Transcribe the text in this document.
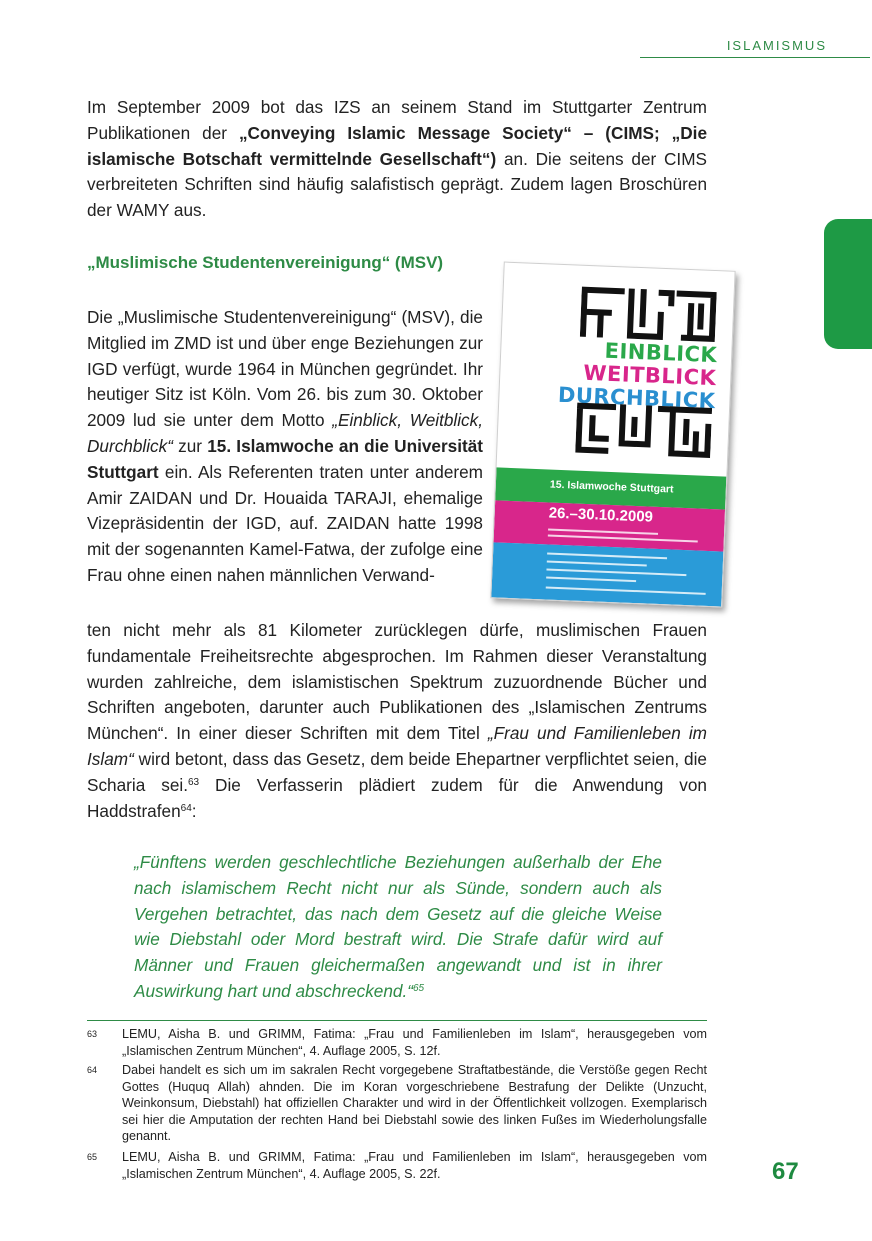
ISLAMISMUS

Im September 2009 bot das IZS an seinem Stand im Stuttgarter Zentrum Publikationen der „Conveying Islamic Message Society“ – (CIMS; „Die islamische Botschaft vermittelnde Gesellschaft“) an. Die seitens der CIMS verbreiteten Schriften sind häufig salafistisch geprägt. Zudem lagen Broschüren der WAMY aus.

„Muslimische Studentenvereinigung“ (MSV)

Die „Muslimische Studentenvereinigung“ (MSV), die Mitglied im ZMD ist und über enge Beziehungen zur IGD verfügt, wurde 1964 in München gegründet. Ihr heutiger Sitz ist Köln. Vom 26. bis zum 30. Oktober 2009 lud sie unter dem Motto „Einblick, Weitblick, Durchblick“ zur 15. Islamwoche an die Universität Stuttgart ein. Als Referenten traten unter anderem Amir ZAIDAN und Dr. Houaida TARAJI, ehemalige Vizepräsidentin der IGD, auf. ZAIDAN hatte 1998 mit der sogenannten Kamel-Fatwa, der zufolge eine Frau ohne einen nahen männlichen Verwand-

ten nicht mehr als 81 Kilometer zurücklegen dürfe, muslimischen Frauen fundamentale Freiheitsrechte abgesprochen. Im Rahmen dieser Veranstaltung wurden zahlreiche, dem islamistischen Spektrum zuzuordnende Bücher und Schriften angeboten, darunter auch Publikationen des „Islamischen Zentrums München“. In einer dieser Schriften mit dem Titel „Frau und Familienleben im Islam“ wird betont, dass das Gesetz, dem beide Ehepartner verpflichtet seien, die Scharia sei.$^{63}$ Die Verfasserin plädiert zudem für die Anwendung von Haddstrafen$^{64}$:

„Fünftens werden geschlechtliche Beziehungen außerhalb der Ehe nach islamischem Recht nicht nur als Sünde, sondern auch als Vergehen betrachtet, das nach dem Gesetz auf die gleiche Weise wie Diebstahl oder Mord bestraft wird. Die Strafe dafür wird auf Männer und Frauen gleichermaßen angewandt und ist in ihrer Auswirkung hart und abschreckend.“$^{65}$

63 LEMU, Aisha B. und GRIMM, Fatima: „Frau und Familienleben im Islam“, herausgegeben vom „Islamischen Zentrum München“, 4. Auflage 2005, S. 12f.
64 Dabei handelt es sich um im sakralen Recht vorgegebene Straftatbestände, die Verstöße gegen Recht Gottes (Huquq Allah) ahnden. Die im Koran vorgeschriebene Bestrafung der Delikte (Unzucht, Weinkonsum, Diebstahl) hat offiziellen Charakter und wird in der Öffentlichkeit vollzogen. Exemplarisch sei hier die Amputation der rechten Hand bei Diebstahl sowie des linken Fußes im Wiederholungsfalle genannt.
65 LEMU, Aisha B. und GRIMM, Fatima: „Frau und Familienleben im Islam“, herausgegeben vom „Islamischen Zentrum München“, 4. Auflage 2005, S. 22f.	67
EINBLICK
WEITBLICK
DURCHBLICK
15. Islamwoche Stuttgart
26.–30.10.2009
